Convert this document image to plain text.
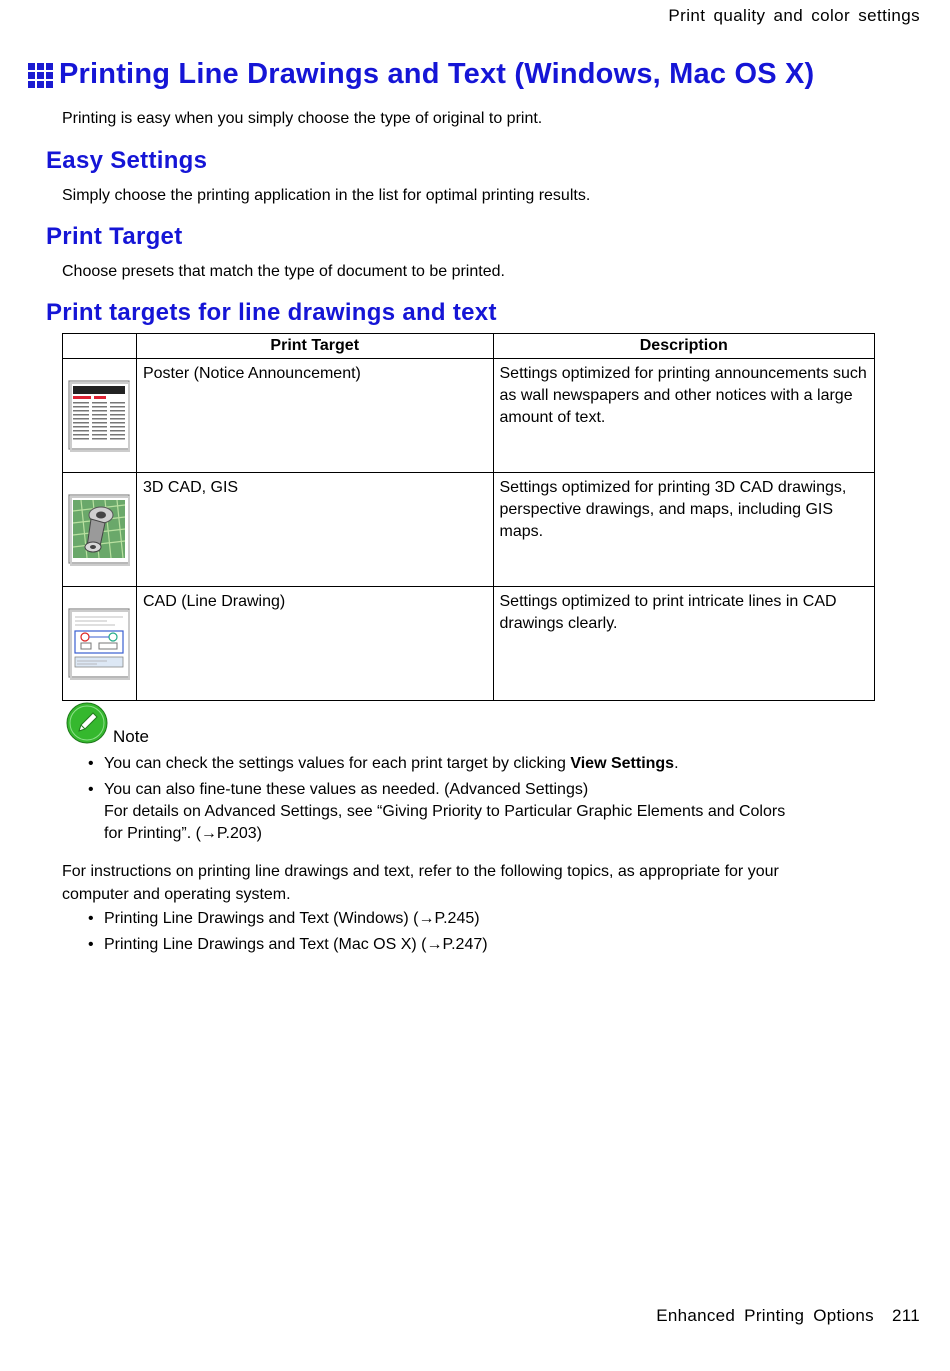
Print quality and color settings
Printing Line Drawings and Text (Windows, Mac OS X)
Printing is easy when you simply choose the type of original to print.
Easy Settings
Simply choose the printing application in the list for optimal printing results.
Print Target
Choose presets that match the type of document to be printed.
Print targets for line drawings and text
	Print Target	Description
	Poster (Notice Announcement)	Settings optimized for printing announcements such as wall newspapers and other notices with a large amount of text.
	3D CAD, GIS	Settings optimized for printing 3D CAD drawings, perspective drawings, and maps, including GIS maps.
	CAD (Line Drawing)	Settings optimized to print intricate lines in CAD drawings clearly.
Note
• You can check the settings values for each print target by clicking View Settings.
• You can also fine-tune these values as needed. (Advanced Settings)
For details on Advanced Settings, see “Giving Priority to Particular Graphic Elements and Colors
for Printing”. (→P.203)
For instructions on printing line drawings and text, refer to the following topics, as appropriate for your
computer and operating system.
• Printing Line Drawings and Text (Windows) (→P.245)
• Printing Line Drawings and Text (Mac OS X) (→P.247)
Enhanced Printing Options 211
